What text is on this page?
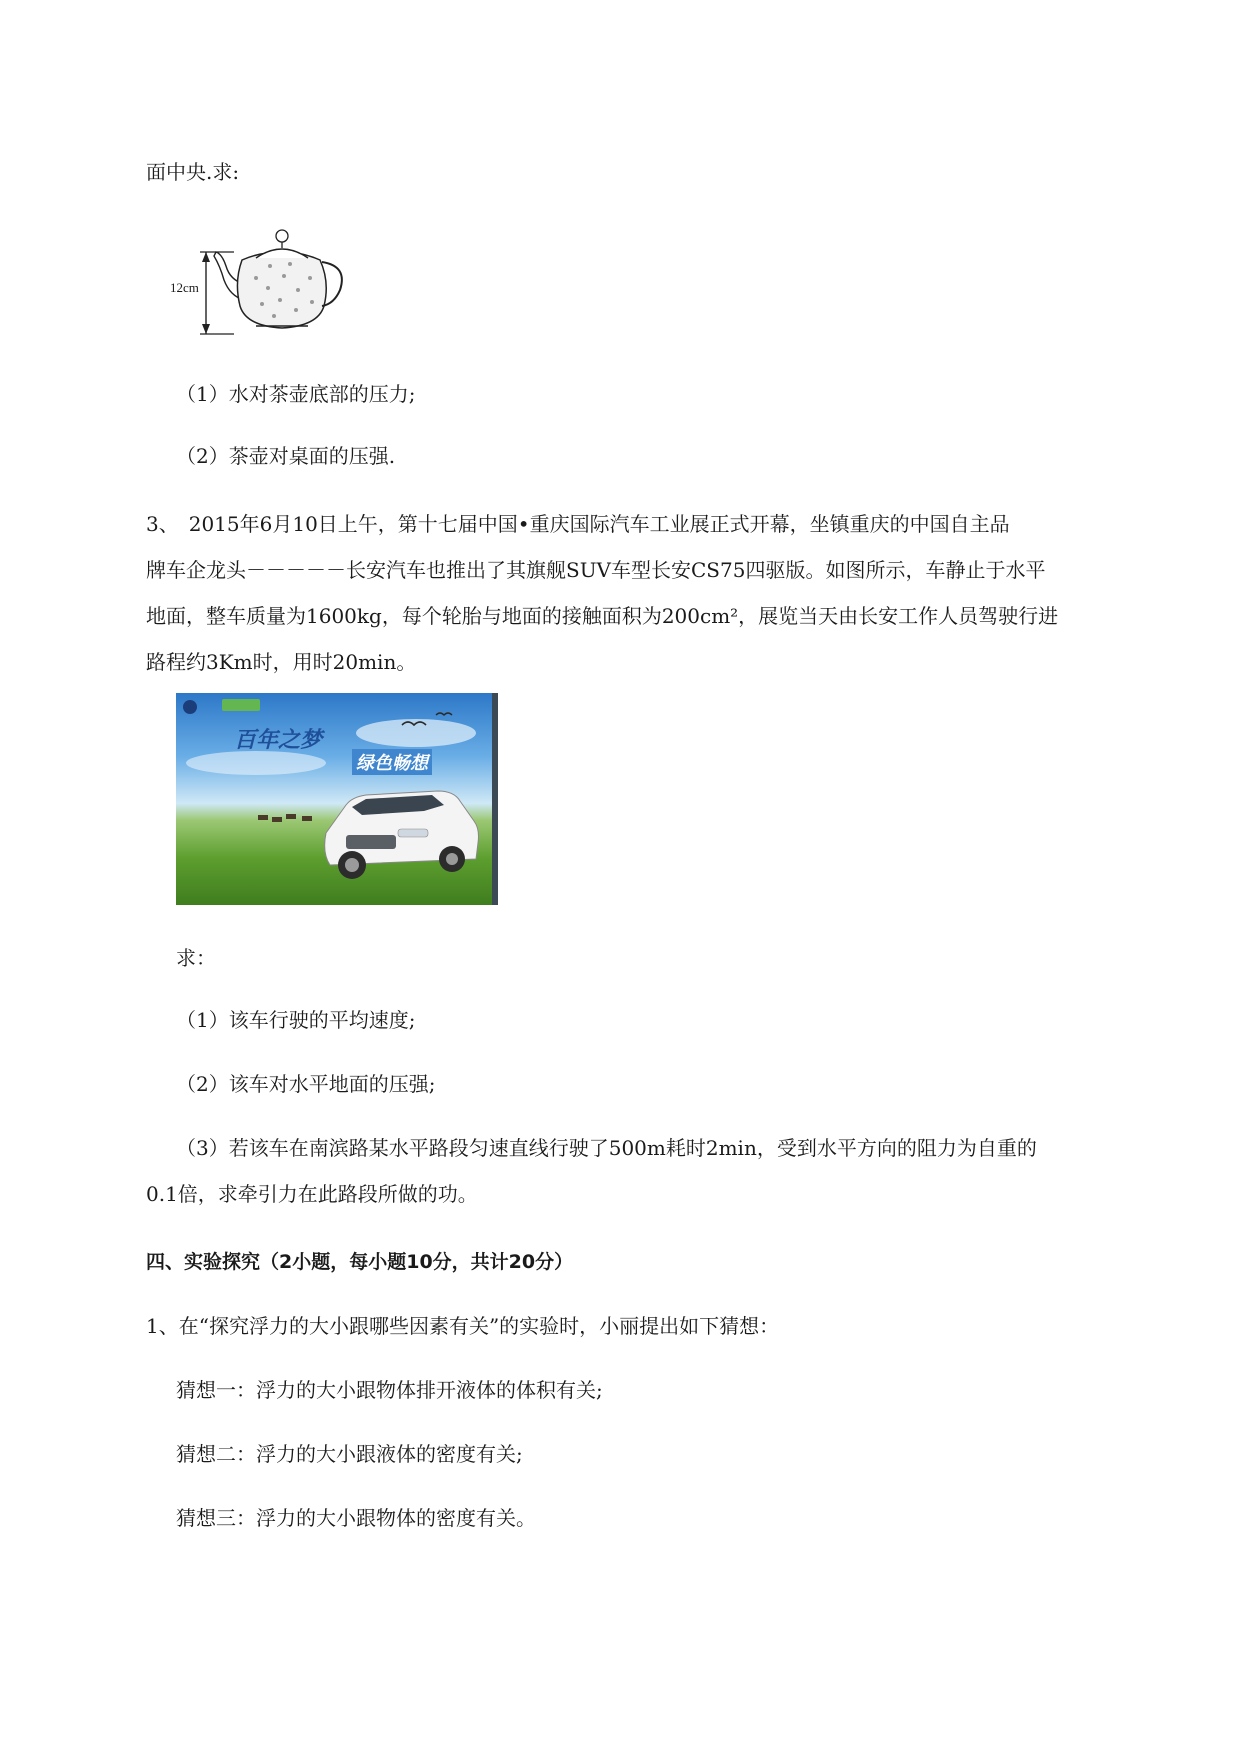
面中央.求:
12cm
（1）水对茶壶底部的压力;
（2）茶壶对桌面的压强.
3、　2015年6月10日上午，第十七届中国•重庆国际汽车工业展正式开幕，坐镇重庆的中国自主品
牌车企龙头－－－－－长安汽车也推出了其旗舰SUV车型长安CS75四驱版。如图所示，车静止于水平
地面，整车质量为1600kg，每个轮胎与地面的接触面积为200cm²，展览当天由长安工作人员驾驶行进
路程约3Km时，用时20min。
百年之梦
绿色畅想
求：
（1）该车行驶的平均速度;
（2）该车对水平地面的压强;
（3）若该车在南滨路某水平路段匀速直线行驶了500m耗时2min，受到水平方向的阻力为自重的
0.1倍，求牵引力在此路段所做的功。
四、实验探究（2小题，每小题10分，共计20分）
1、在“探究浮力的大小跟哪些因素有关”的实验时，小丽提出如下猜想：
猜想一：浮力的大小跟物体排开液体的体积有关;
猜想二：浮力的大小跟液体的密度有关;
猜想三：浮力的大小跟物体的密度有关。
